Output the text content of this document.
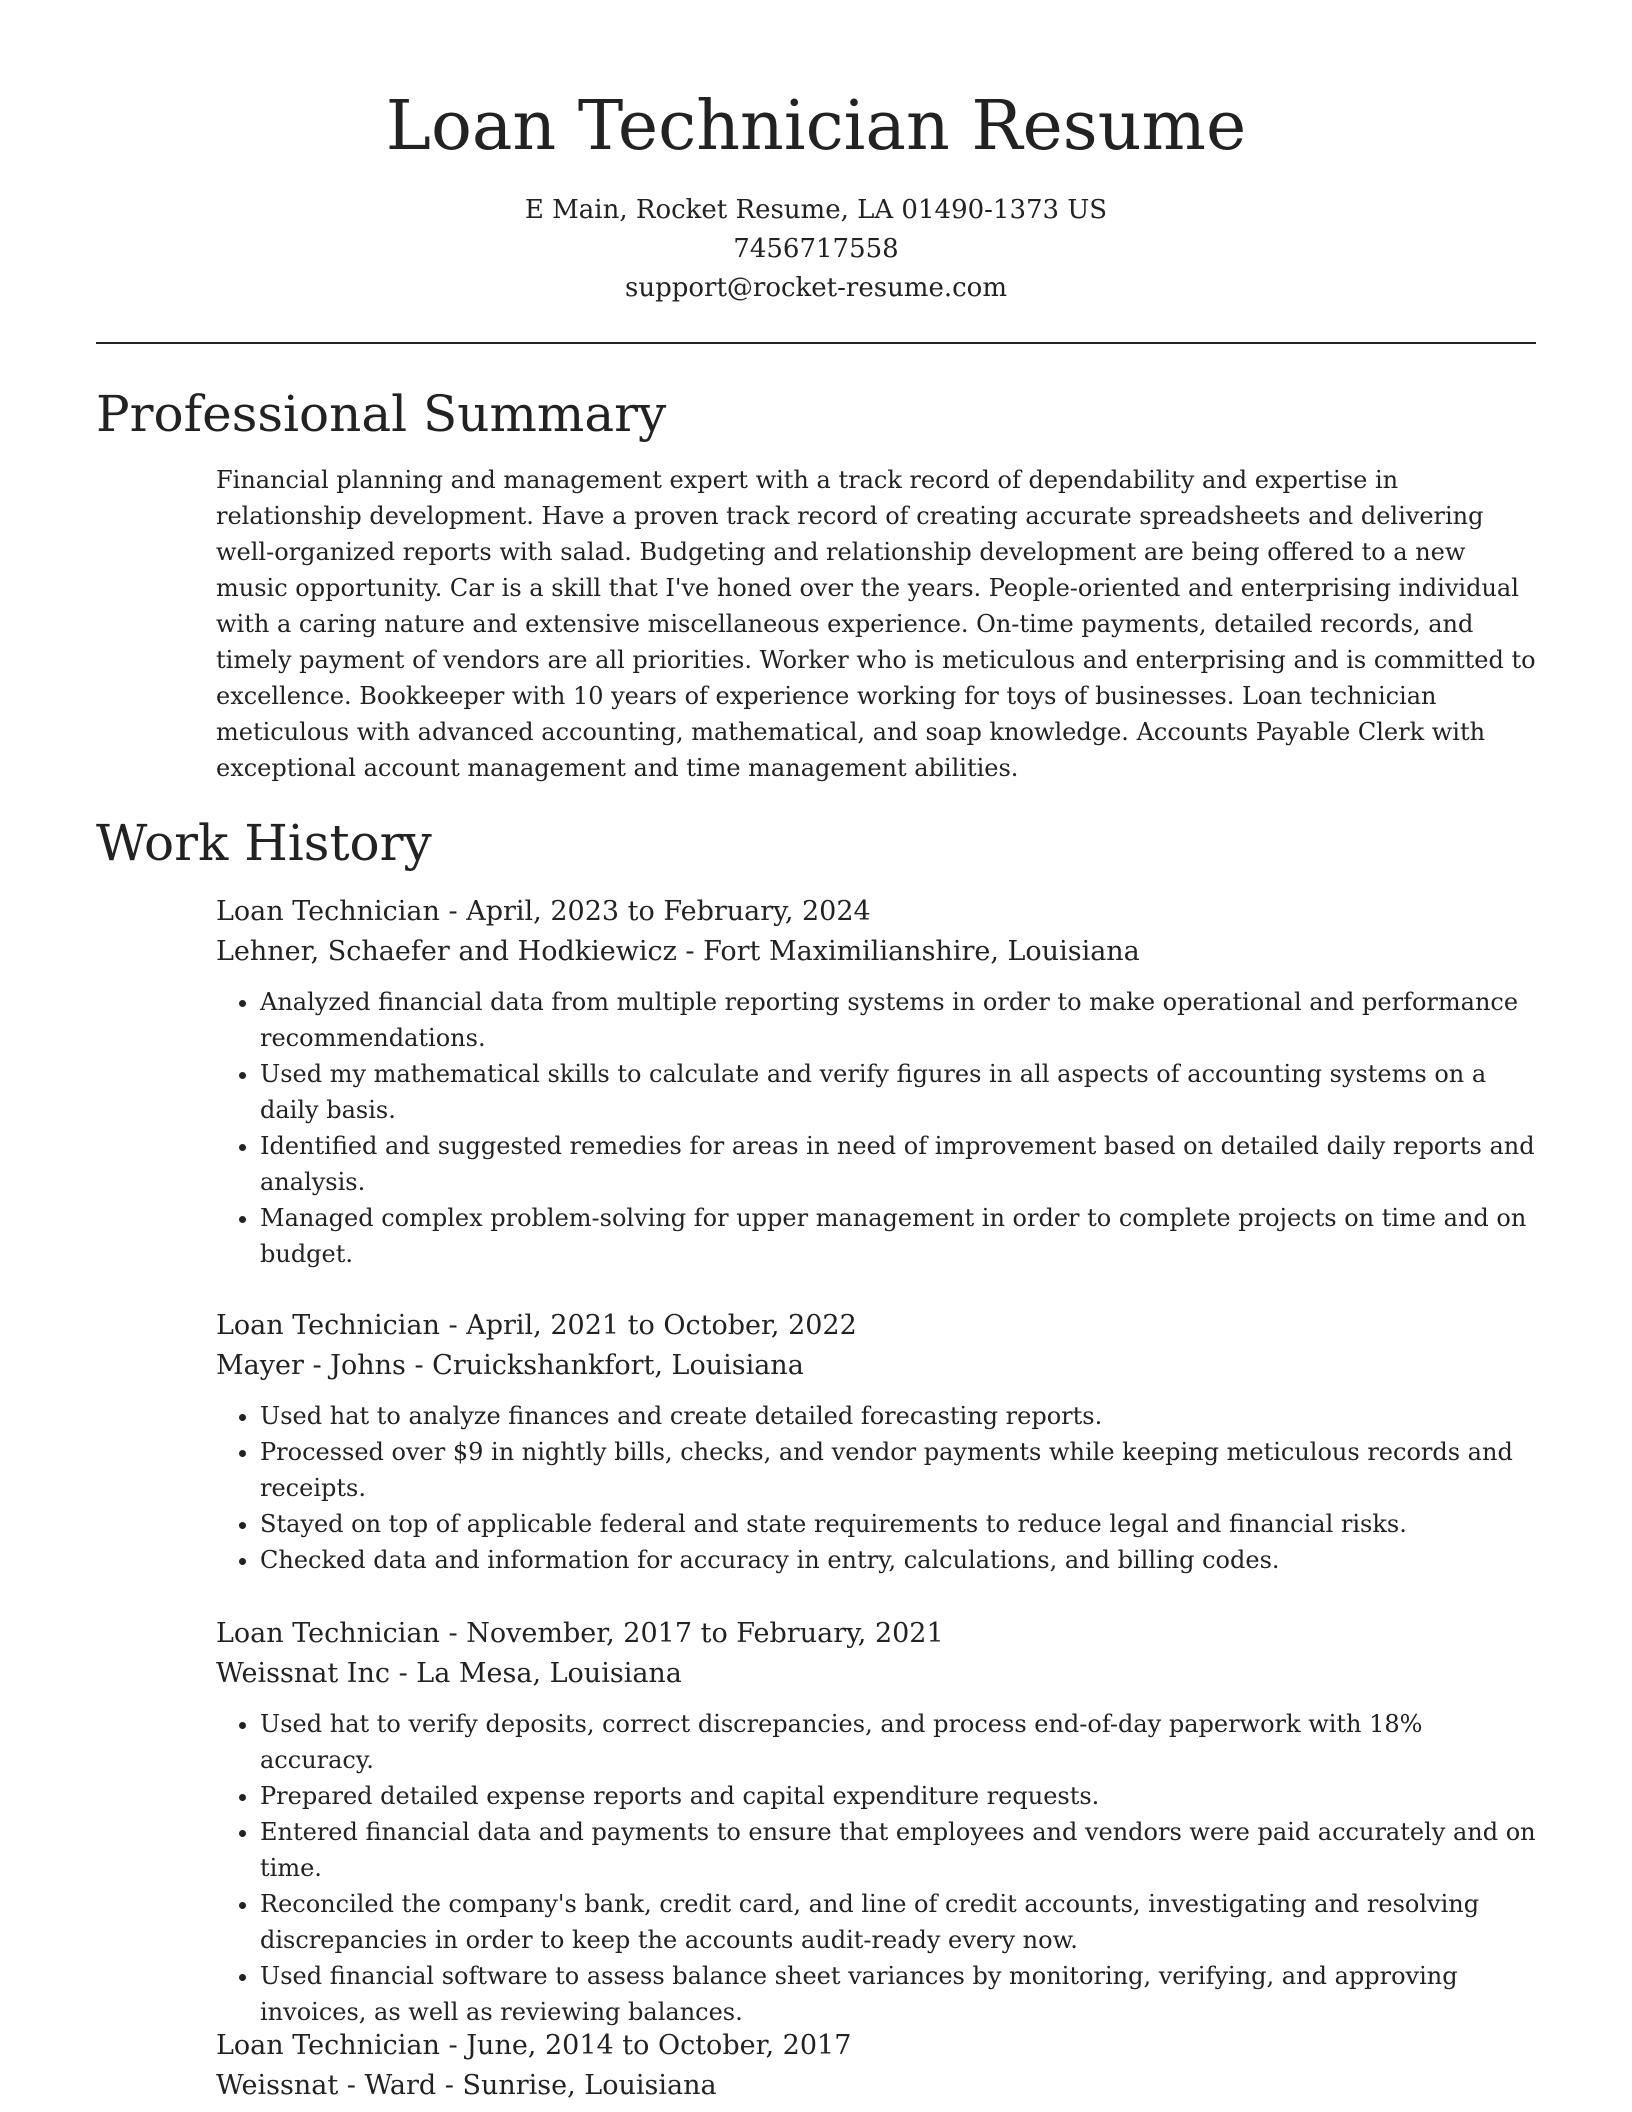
Loan Technician Resume
E Main, Rocket Resume, LA 01490-1373 US
7456717558
support@rocket-resume.com
Professional Summary

Financial planning and management expert with a track record of dependability and expertise in relationship development. Have a proven track record of creating accurate spreadsheets and delivering well-organized reports with salad. Budgeting and relationship development are being offered to a new music opportunity. Car is a skill that I've honed over the years. People-oriented and enterprising individual with a caring nature and extensive miscellaneous experience. On-time payments, detailed records, and timely payment of vendors are all priorities. Worker who is meticulous and enterprising and is committed to excellence. Bookkeeper with 10 years of experience working for toys of businesses. Loan technician meticulous with advanced accounting, mathematical, and soap knowledge. Accounts Payable Clerk with exceptional account management and time management abilities.

Work History
Loan Technician - April, 2023 to February, 2024
Lehner, Schaefer and Hodkiewicz - Fort Maximilianshire, Louisiana
• Analyzed financial data from multiple reporting systems in order to make operational and performance recommendations.
• Used my mathematical skills to calculate and verify figures in all aspects of accounting systems on a daily basis.
• Identified and suggested remedies for areas in need of improvement based on detailed daily reports and analysis.
• Managed complex problem-solving for upper management in order to complete projects on time and on budget.
Loan Technician - April, 2021 to October, 2022
Mayer - Johns - Cruickshankfort, Louisiana
• Used hat to analyze finances and create detailed forecasting reports.
• Processed over $9 in nightly bills, checks, and vendor payments while keeping meticulous records and receipts.
• Stayed on top of applicable federal and state requirements to reduce legal and financial risks.
• Checked data and information for accuracy in entry, calculations, and billing codes.
Loan Technician - November, 2017 to February, 2021
Weissnat Inc - La Mesa, Louisiana
• Used hat to verify deposits, correct discrepancies, and process end-of-day paperwork with 18% accuracy.
• Prepared detailed expense reports and capital expenditure requests.
• Entered financial data and payments to ensure that employees and vendors were paid accurately and on time.
• Reconciled the company's bank, credit card, and line of credit accounts, investigating and resolving discrepancies in order to keep the accounts audit-ready every now.
• Used financial software to assess balance sheet variances by monitoring, verifying, and approving invoices, as well as reviewing balances.
Loan Technician - June, 2014 to October, 2017
Weissnat - Ward - Sunrise, Louisiana
